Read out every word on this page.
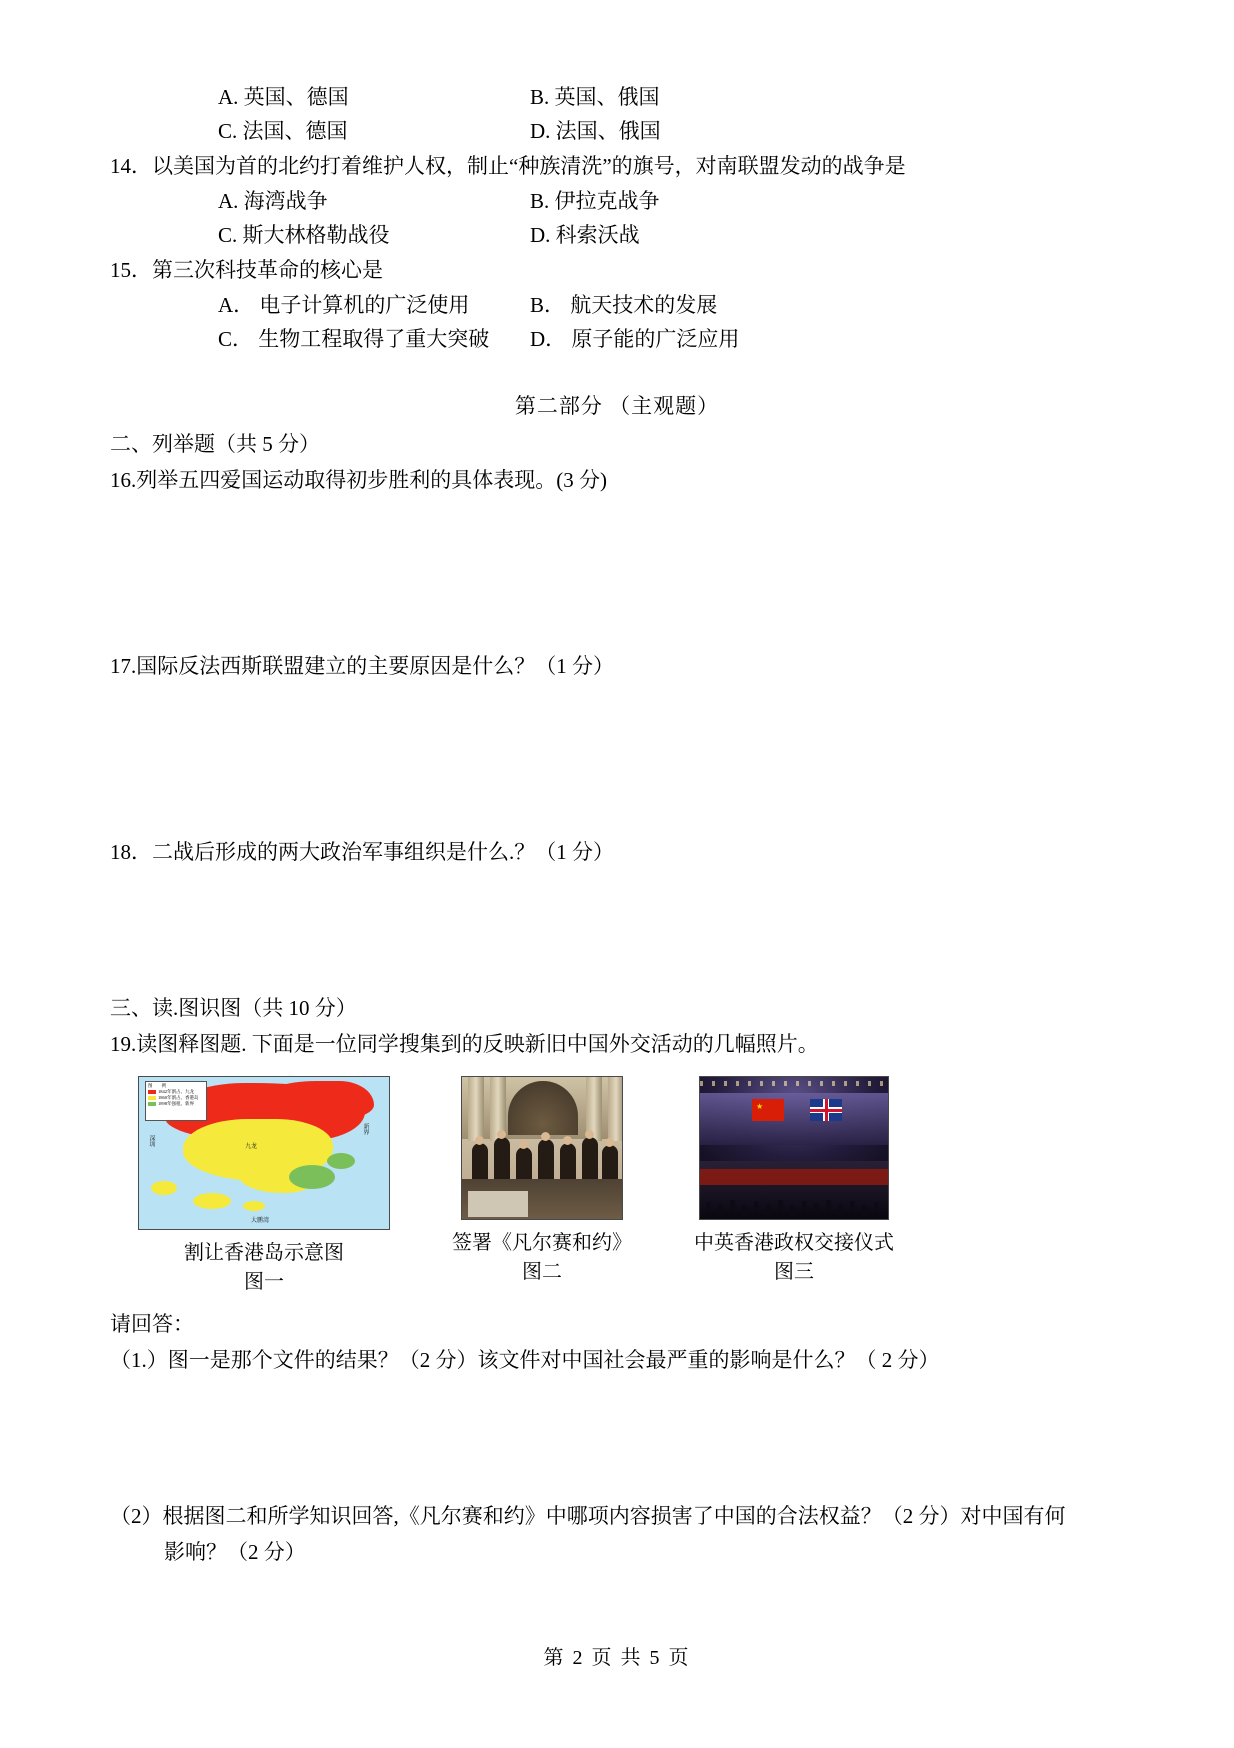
A. 英国、德国	B. 英国、俄国
C. 法国、德国	D. 法国、俄国
14．以美国为首的北约打着维护人权，制止“种族清洗”的旗号，对南联盟发动的战争是
A. 海湾战争	B. 伊拉克战争
C. 斯大林格勒战役	D. 科索沃战
15．第三次科技革命的核心是
A． 电子计算机的广泛使用	B． 航天技术的发展
C． 生物工程取得了重大突破	D． 原子能的广泛应用
第二部分 （主观题）
二、列举题（共 5 分）
16.列举五四爱国运动取得初步胜利的具体表现。(3 分)
17.国际反法西斯联盟建立的主要原因是什么？（1 分）
18．二战后形成的两大政治军事组织是什么.？（1 分）
三、读.图识图（共 10 分）
19.读图释图题. 下面是一位同学搜集到的反映新旧中国外交活动的几幅照片。
图　　例
1842年割占、九龙
1860年割占、香港岛
1898年强租、新界
深圳
新界
九龙
大鹏湾
割让香港岛示意图
图一
签署《凡尔赛和约》
图二
★
中英香港政权交接仪式
图三
请回答：
（1.）图一是那个文件的结果？（2 分）该文件对中国社会最严重的影响是什么？（ 2 分）
（2）根据图二和所学知识回答,《凡尔赛和约》中哪项内容损害了中国的合法权益？（2 分）对中国有何
影响？（2 分）
第 2 页 共 5 页
